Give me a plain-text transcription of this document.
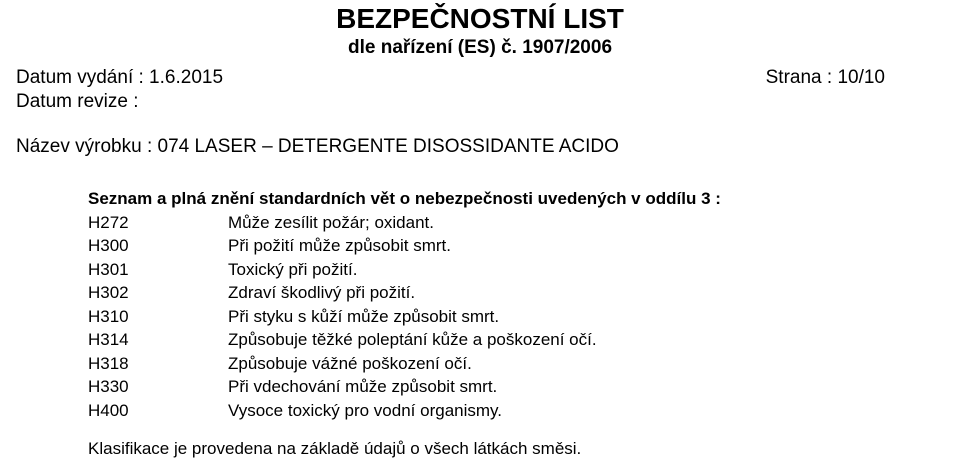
BEZPEČNOSTNÍ LIST
dle nařízení (ES) č. 1907/2006
Datum vydání : 1.6.2015	Strana : 10/10
Datum revize :
Název výrobku : 074 LASER – DETERGENTE DISOSSIDANTE ACIDO
Seznam a plná znění standardních vět o nebezpečnosti uvedených v oddílu 3 :
H272	Může zesílit požár; oxidant.
H300	Při požití může způsobit smrt.
H301	Toxický při požití.
H302	Zdraví škodlivý při požití.
H310	Při styku s kůží může způsobit smrt.
H314	Způsobuje těžké poleptání kůže a poškození očí.
H318	Způsobuje vážné poškození očí.
H330	Při vdechování může způsobit smrt.
H400	Vysoce toxický pro vodní organismy.
Klasifikace je provedena na základě údajů o všech látkách směsi.
